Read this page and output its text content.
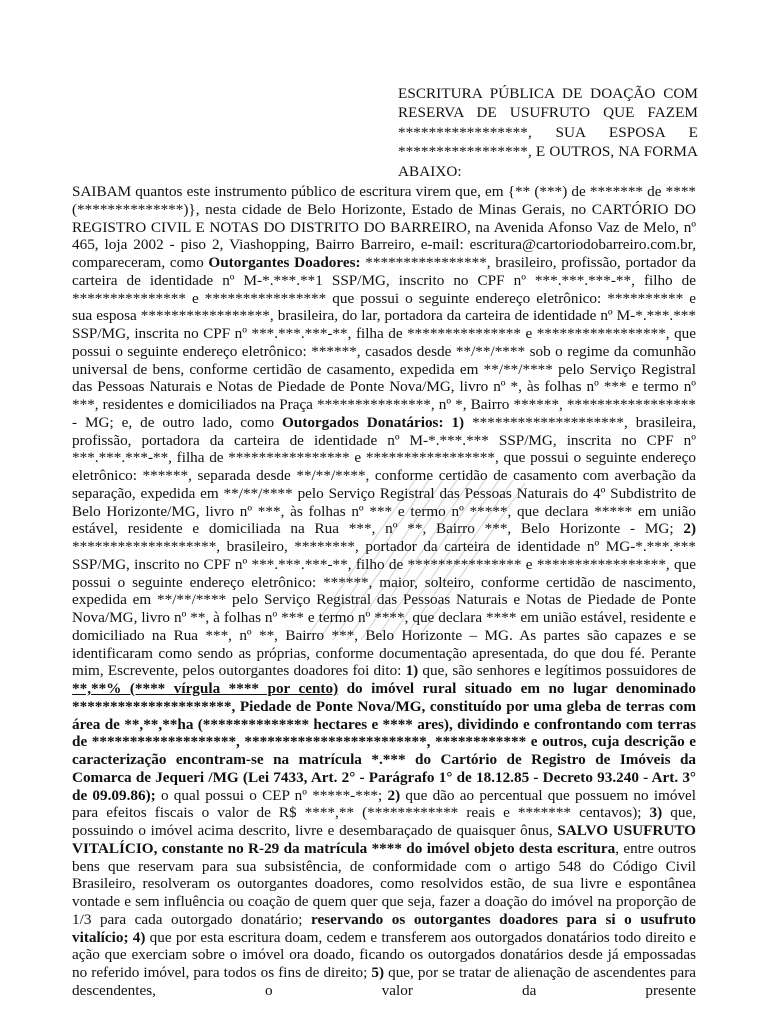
ESCRITURA PÚBLICA DE DOAÇÃO COM RESERVA DE USUFRUTO QUE FAZEM *****************, SUA ESPOSA E *****************, E OUTROS, NA FORMA ABAIXO:

SAIBAM quantos este instrumento público de escritura virem que, em {** (***) de ******* de **** (**************)}, nesta cidade de Belo Horizonte, Estado de Minas Gerais, no CARTÓRIO DO REGISTRO CIVIL E NOTAS DO DISTRITO DO BARREIRO, na Avenida Afonso Vaz de Melo, nº 465, loja 2002 - piso 2, Viashopping, Bairro Barreiro, e-mail: escritura@cartoriodobarreiro.com.br, compareceram, como Outorgantes Doadores: ****************, brasileiro, profissão, portador da carteira de identidade nº M-*.***.**1 SSP/MG, inscrito no CPF nº ***.***.***-**, filho de *************** e **************** que possui o seguinte endereço eletrônico: ********** e sua esposa *****************, brasileira, do lar, portadora da carteira de identidade nº M-*.***.*** SSP/MG, inscrita no CPF nº ***.***.***-**, filha de *************** e *****************, que possui o seguinte endereço eletrônico: ******, casados desde **/**/**** sob o regime da comunhão universal de bens, conforme certidão de casamento, expedida em **/**/**** pelo Serviço Registral das Pessoas Naturais e Notas de Piedade de Ponte Nova/MG, livro nº *, às folhas nº *** e termo nº ***, residentes e domiciliados na Praça ***************, nº *, Bairro ******, ***************** - MG; e, de outro lado, como Outorgados Donatários: 1) ********************, brasileira, profissão, portadora da carteira de identidade nº M-*.***.*** SSP/MG, inscrita no CPF nº ***.***.***-**, filha de **************** e *****************, que possui o seguinte endereço eletrônico: ******, separada desde **/**/****, conforme certidão de casamento com averbação da separação, expedida em **/**/**** pelo Serviço Registral das Pessoas Naturais do 4º Subdistrito de Belo Horizonte/MG, livro nº ***, às folhas nº *** e termo nº *****, que declara ***** em união estável, residente e domiciliada na Rua ***, nº **, Bairro ***, Belo Horizonte - MG; 2) *******************, brasileiro, ********, portador da carteira de identidade nº MG-*.***.*** SSP/MG, inscrito no CPF nº ***.***.***-**, filho de *************** e *****************, que possui o seguinte endereço eletrônico: ******, maior, solteiro, conforme certidão de nascimento, expedida em **/**/**** pelo Serviço Registral das Pessoas Naturais e Notas de Piedade de Ponte Nova/MG, livro nº **, à folhas nº *** e termo nº ****, que declara **** em união estável, residente e domiciliado na Rua ***, nº **, Bairro ***, Belo Horizonte – MG. As partes são capazes e se identificaram como sendo as próprias, conforme documentação apresentada, do que dou fé. Perante mim, Escrevente, pelos outorgantes doadores foi dito: 1) que, são senhores e legítimos possuidores de **,**% (**** vírgula **** por cento) do imóvel rural situado em no lugar denominado *********************, Piedade de Ponte Nova/MG, constituído por uma gleba de terras com área de **,**,**ha (************** hectares e **** ares), dividindo e confrontando com terras de *******************, ************************, ************ e outros, cuja descrição e caracterização encontram-se na matrícula *.*** do Cartório de Registro de Imóveis da Comarca de Jequeri /MG (Lei 7433, Art. 2° - Parágrafo 1° de 18.12.85 - Decreto 93.240 - Art. 3° de 09.09.86); o qual possui o CEP nº *****-***; 2) que dão ao percentual que possuem no imóvel para efeitos fiscais o valor de R$ ****,** (************ reais e ******* centavos); 3) que, possuindo o imóvel acima descrito, livre e desembaraçado de quaisquer ônus, SALVO USUFRUTO VITALÍCIO, constante no R-29 da matrícula **** do imóvel objeto desta escritura, entre outros bens que reservam para sua subsistência, de conformidade com o artigo 548 do Código Civil Brasileiro, resolveram os outorgantes doadores, como resolvidos estão, de sua livre e espontânea vontade e sem influência ou coação de quem quer que seja, fazer a doação do imóvel na proporção de 1/3 para cada outorgado donatário; reservando os outorgantes doadores para si o usufruto vitalício; 4) que por esta escritura doam, cedem e transferem aos outorgados donatários todo direito e ação que exerciam sobre o imóvel ora doado, ficando os outorgados donatários desde já empossadas no referido imóvel, para todos os fins de direito; 5) que, por se tratar de alienação de ascendentes para descendentes, o valor da presente
